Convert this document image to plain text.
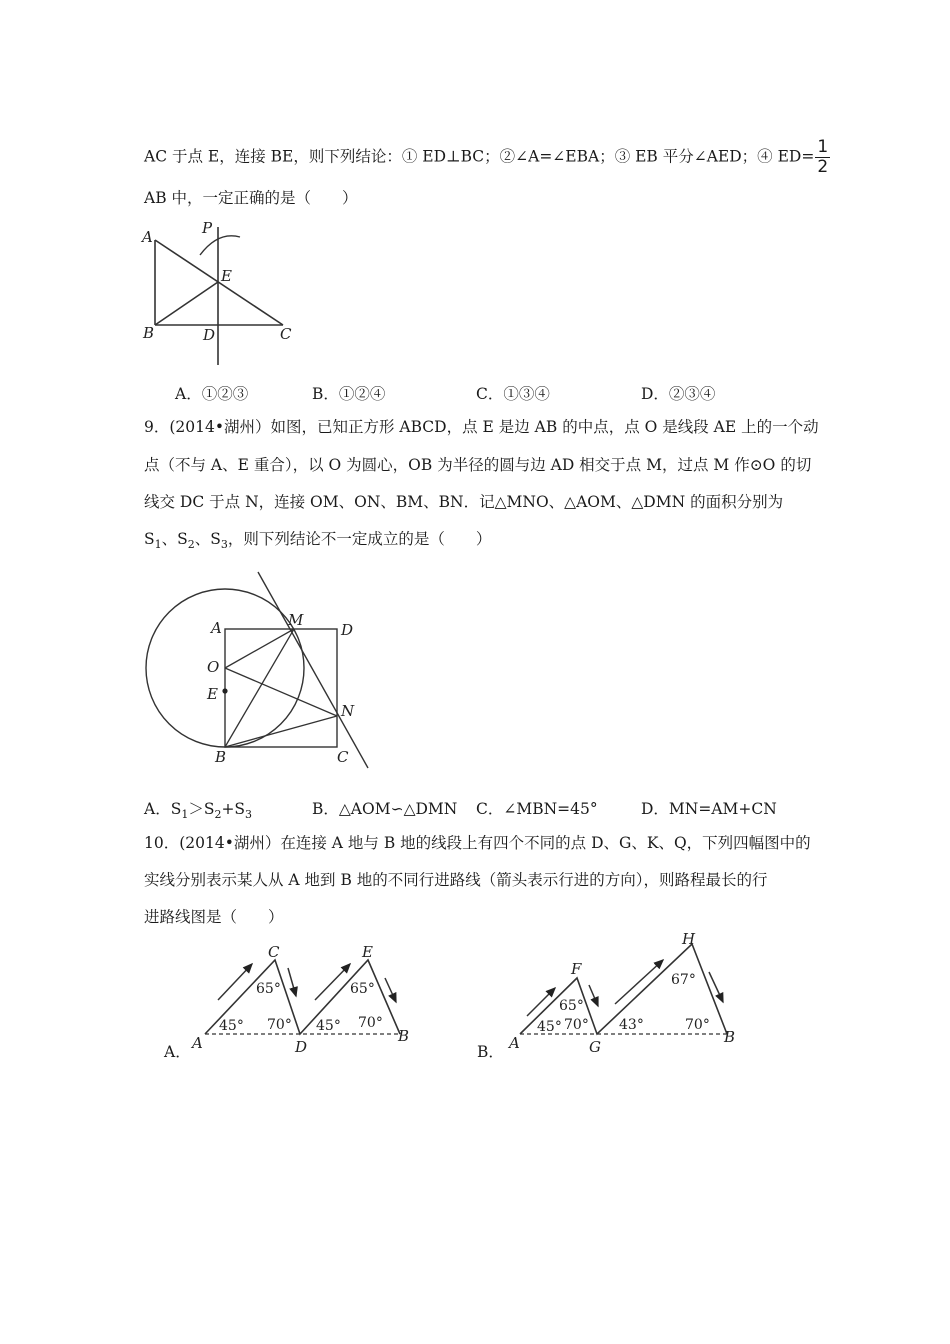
AC 于点 E，连接 BE，则下列结论：① ED⊥BC；②∠A=∠EBA；③ EB 平分∠AED；④ $ED= \frac{1}{2}$
AB 中，一定正确的是（　　）
A	P
E
B	D	C
A．①②③	B．①②④	C．①③④	D．②③④
9．(2014•湖州）如图，已知正方形 ABCD，点 E 是边 AB 的中点，点 O 是线段 AE 上的一个动
点（不与 A、E 重合），以 O 为圆心，OB 为半径的圆与边 AD 相交于点 M，过点 M 作⊙O 的切
线交 DC 于点 N，连接 OM、ON、BM、BN．记△MNO、△AOM、△DMN 的面积分别为
$S_1$、$S_2$、$S_3$，则下列结论不一定成立的是（　　）
A	M
D
O
E
N
B	C
A．$S_1>S_2+S_3$	B．△AOM∽△DMN C．∠MBN=45°	D．MN=AM+CN
10．(2014•湖州）在连接 A 地与 B 地的线段上有四个不同的点 D、G、K、Q，下列四幅图中的
实线分别表示某人从 A 地到 B 地的不同行进路线（箭头表示行进的方向），则路程最长的行
进路线图是（　　）
A．
C	E
A	D
B
65°	65°
45° 70° 45° 70°
B．
F
H
A	G
B
65°
67°
45° 70° 43°	70°
